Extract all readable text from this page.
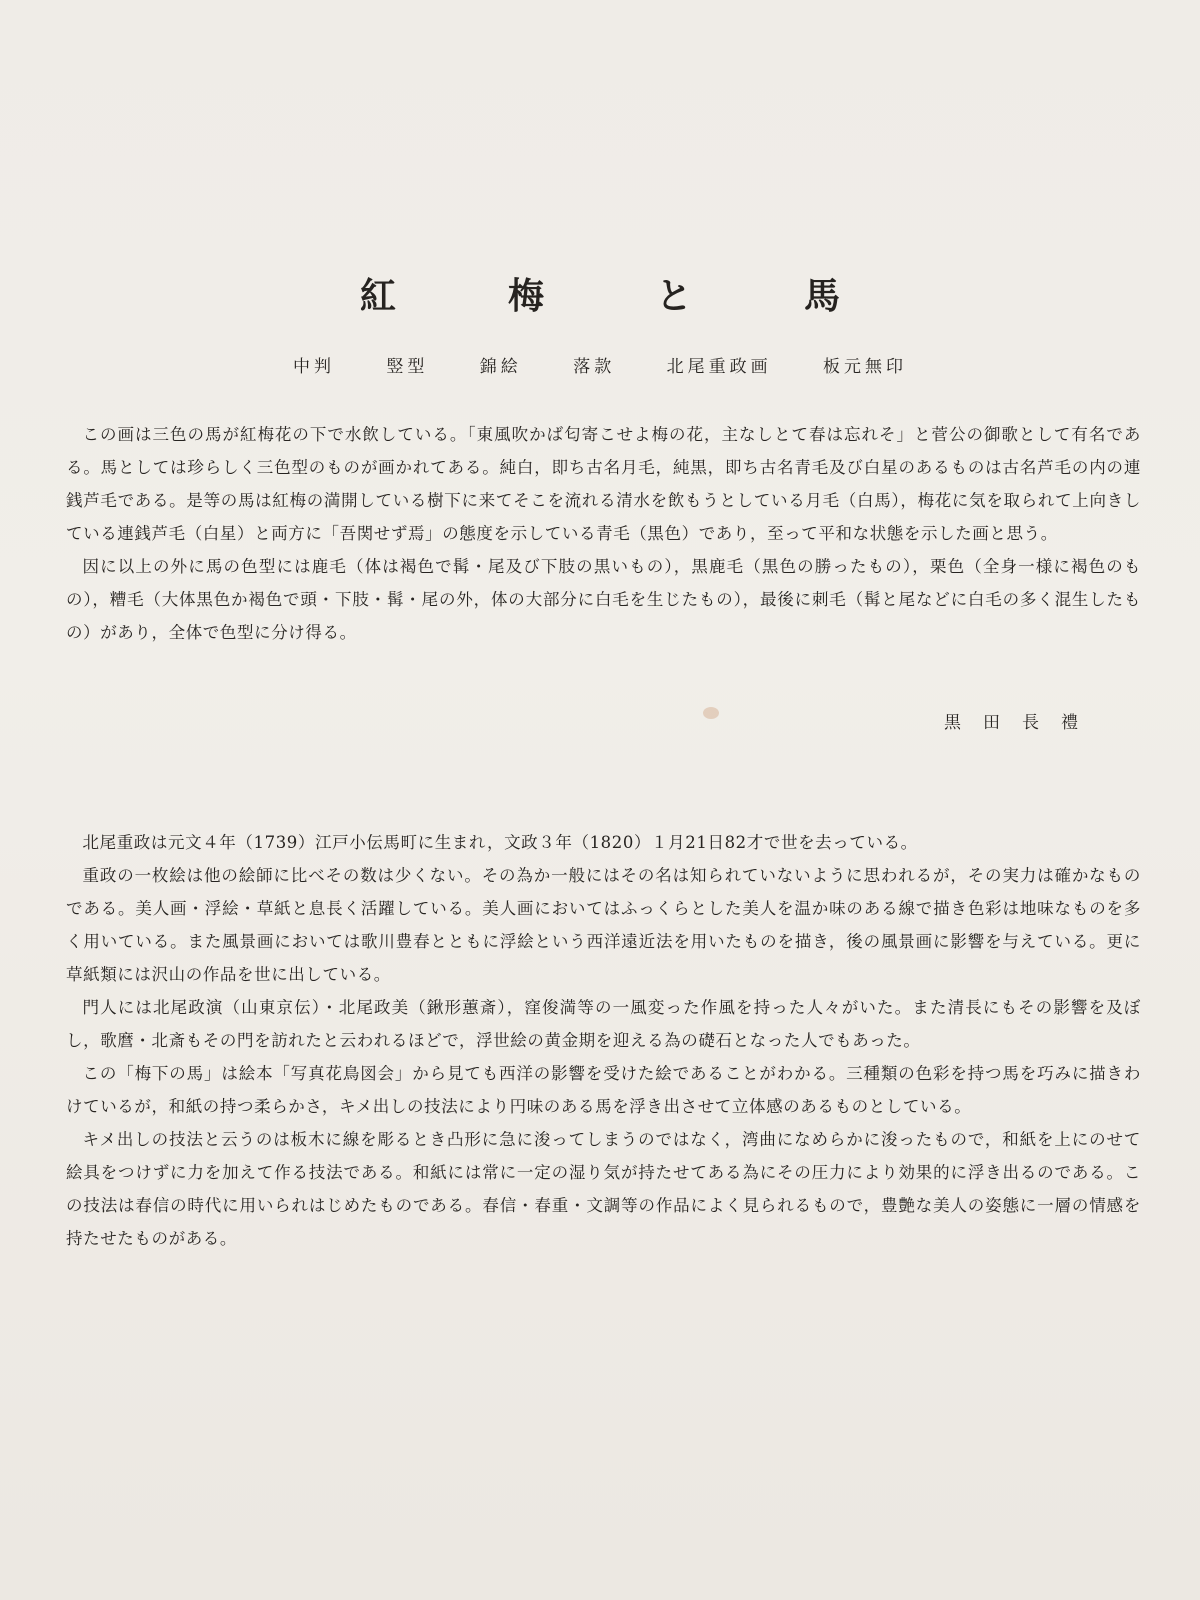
紅　梅　と　馬
中判	竪型	錦絵	落款	北尾重政画	板元無印

この画は三色の馬が紅梅花の下で水飲している。「東風吹かば匂寄こせよ梅の花，主なしとて春は忘れそ」と菅公の御歌として有名である。馬としては珍らしく三色型のものが画かれてある。純白，即ち古名月毛，純黒，即ち古名青毛及び白星のあるものは古名芦毛の内の連銭芦毛である。是等の馬は紅梅の満開している樹下に来てそこを流れる清水を飲もうとしている月毛（白馬），梅花に気を取られて上向きしている連銭芦毛（白星）と両方に「吾関せず焉」の態度を示している青毛（黒色）であり，至って平和な状態を示した画と思う。

因に以上の外に馬の色型には鹿毛（体は褐色で髯・尾及び下肢の黒いもの），黒鹿毛（黒色の勝ったもの），栗色（全身一様に褐色のもの），糟毛（大体黒色か褐色で頭・下肢・髯・尾の外，体の大部分に白毛を生じたもの），最後に刺毛（髯と尾などに白毛の多く混生したもの）があり，全体で色型に分け得る。

黒田長禮

北尾重政は元文４年（1739）江戸小伝馬町に生まれ，文政３年（1820）１月21日82才で世を去っている。

重政の一枚絵は他の絵師に比べその数は少くない。その為か一般にはその名は知られていないように思われるが，その実力は確かなものである。美人画・浮絵・草紙と息長く活躍している。美人画においてはふっくらとした美人を温か味のある線で描き色彩は地味なものを多く用いている。また風景画においては歌川豊春とともに浮絵という西洋遠近法を用いたものを描き，後の風景画に影響を与えている。更に草紙類には沢山の作品を世に出している。

門人には北尾政演（山東京伝）・北尾政美（鍬形蕙斎），窪俊満等の一風変った作風を持った人々がいた。また清長にもその影響を及ぼし，歌麿・北斎もその門を訪れたと云われるほどで，浮世絵の黄金期を迎える為の礎石となった人でもあった。

この「梅下の馬」は絵本「写真花鳥図会」から見ても西洋の影響を受けた絵であることがわかる。三種類の色彩を持つ馬を巧みに描きわけているが，和紙の持つ柔らかさ，キメ出しの技法により円味のある馬を浮き出させて立体感のあるものとしている。

キメ出しの技法と云うのは板木に線を彫るとき凸形に急に浚ってしまうのではなく，湾曲になめらかに浚ったもので，和紙を上にのせて絵具をつけずに力を加えて作る技法である。和紙には常に一定の湿り気が持たせてある為にその圧力により効果的に浮き出るのである。この技法は春信の時代に用いられはじめたものである。春信・春重・文調等の作品によく見られるもので，豊艶な美人の姿態に一層の情感を持たせたものがある。
